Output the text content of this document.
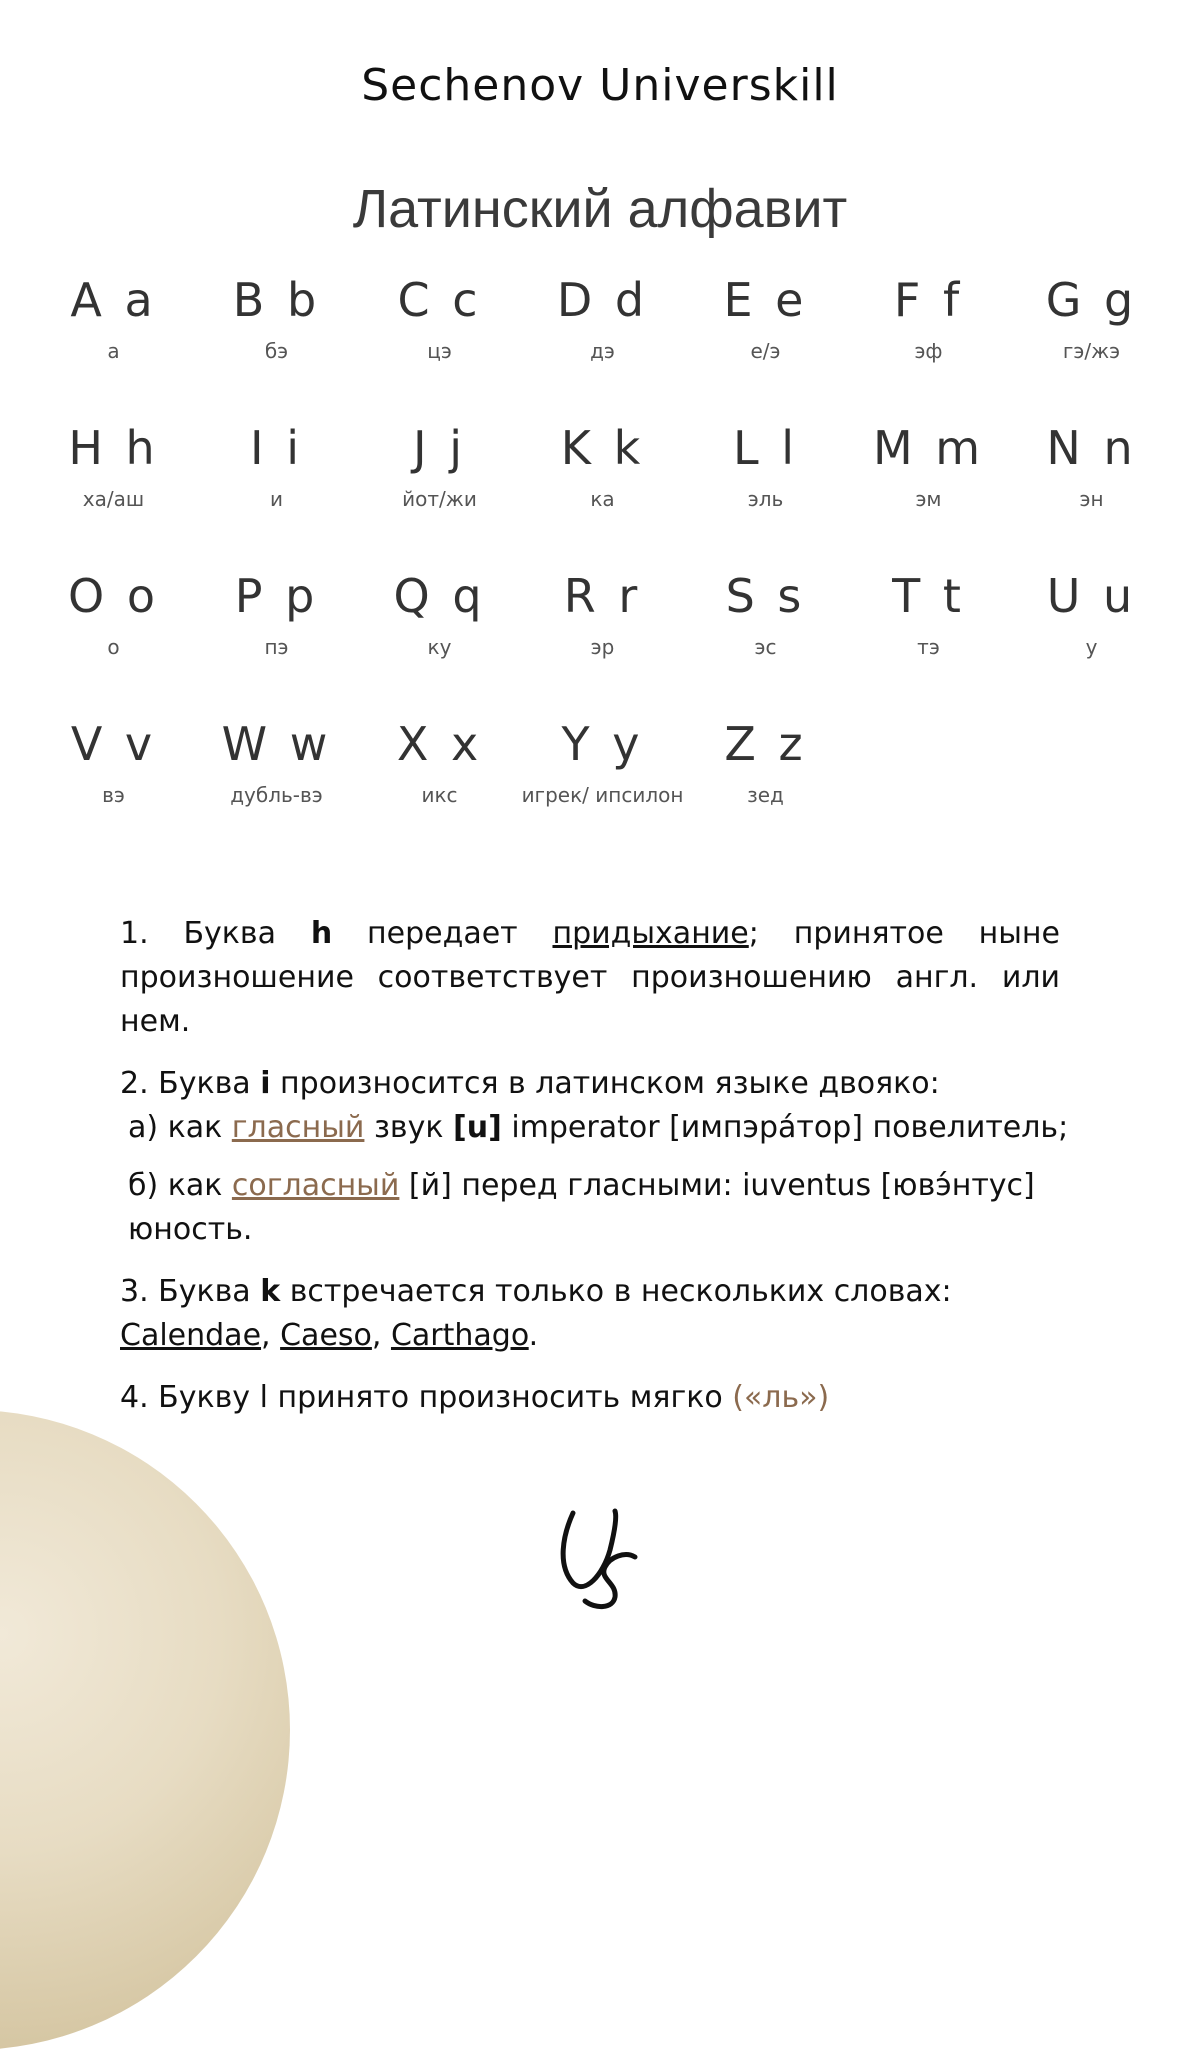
Sechenov Universkill
Латинский алфавит
A a
а
B b
бэ
C c
цэ
D d
дэ
E e
е/э
F f
эф
G g
гэ/жэ
H h
ха/аш
I i
и
J j
йот/жи
K k
ка
L l
эль
M m
эм
N n
эн
O o
о
P p
пэ
Q q
ку
R r
эр
S s
эс
T t
тэ
U u
у
V v
вэ
W w
дубль-вэ
X x
икс
Y y
игрек/ ипсилон
Z z
зед

1. Буква h передает придыхание; принятое ныне произношение соответствует произношению англ. или нем.

2. Буква i произносится в латинском языке двояко:
а) как гласный звук [u] imperator [импэра́тор] повелитель;

б) как согласный [й] перед гласными: iuventus [ювэ́нтус] юность.

3. Буква k встречается только в нескольких словах: Calendae, Caeso, Carthago.

4. Букву l принято произносить мягко («ль»)
